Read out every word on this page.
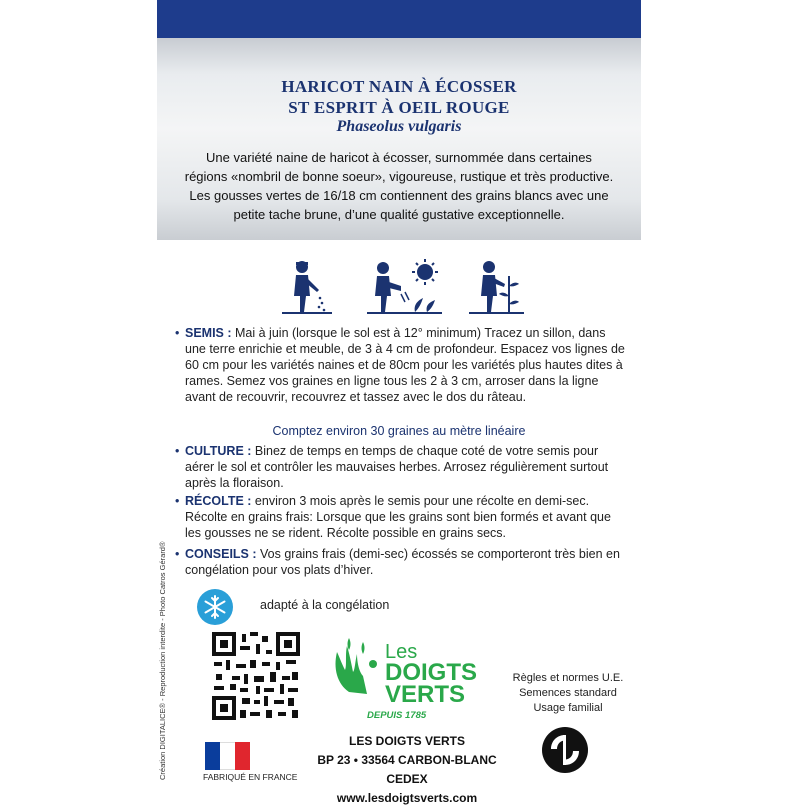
HARICOT NAIN À ÉCOSSER
ST ESPRIT À OEIL ROUGE
Phaseolus vulgaris
Une variété naine de haricot à écosser, surnommée dans certaines régions «nombril de bonne soeur», vigoureuse, rustique et très productive. Les gousses vertes de 16/18 cm contiennent des grains blancs avec une petite tache brune, d’une qualité gustative exceptionnelle.
• SEMIS : Mai à juin (lorsque le sol est à 12° minimum) Tracez un sillon, dans une terre enrichie et meuble, de 3 à 4 cm de profondeur. Espacez vos lignes de 60 cm pour les variétés naines et de 80cm pour les variétés plus hautes dites à rames. Semez vos graines en ligne tous les 2 à 3 cm, arroser dans la ligne avant de recouvrir, recouvrez et tassez avec le dos du râteau.
Comptez environ 30 graines au mètre linéaire
• CULTURE : Binez de temps en temps de chaque coté de votre semis pour aérer le sol et contrôler les mauvaises herbes. Arrosez régulièrement surtout après la floraison.
• RÉCOLTE : environ 3 mois après le semis pour une récolte en demi-sec. Récolte en grains frais: Lorsque que les grains sont bien formés et avant que les gousses ne se rident. Récolte possible en grains secs.
• CONSEILS : Vos grains frais (demi-sec) écossés se comporteront très bien en congélation pour vos plats d’hiver.
adapté à la congélation
Les
DOIGTS
VERTS
DEPUIS 1785
Règles et normes U.E.
Semences standard
Usage familial
LES DOIGTS VERTS
BP 23 • 33564 CARBON-BLANC CEDEX
www.lesdoigtsverts.com
FABRIQUÉ EN FRANCE
Création DIGITALICE® - Reproduction interdite - Photo Catros Gérard®
